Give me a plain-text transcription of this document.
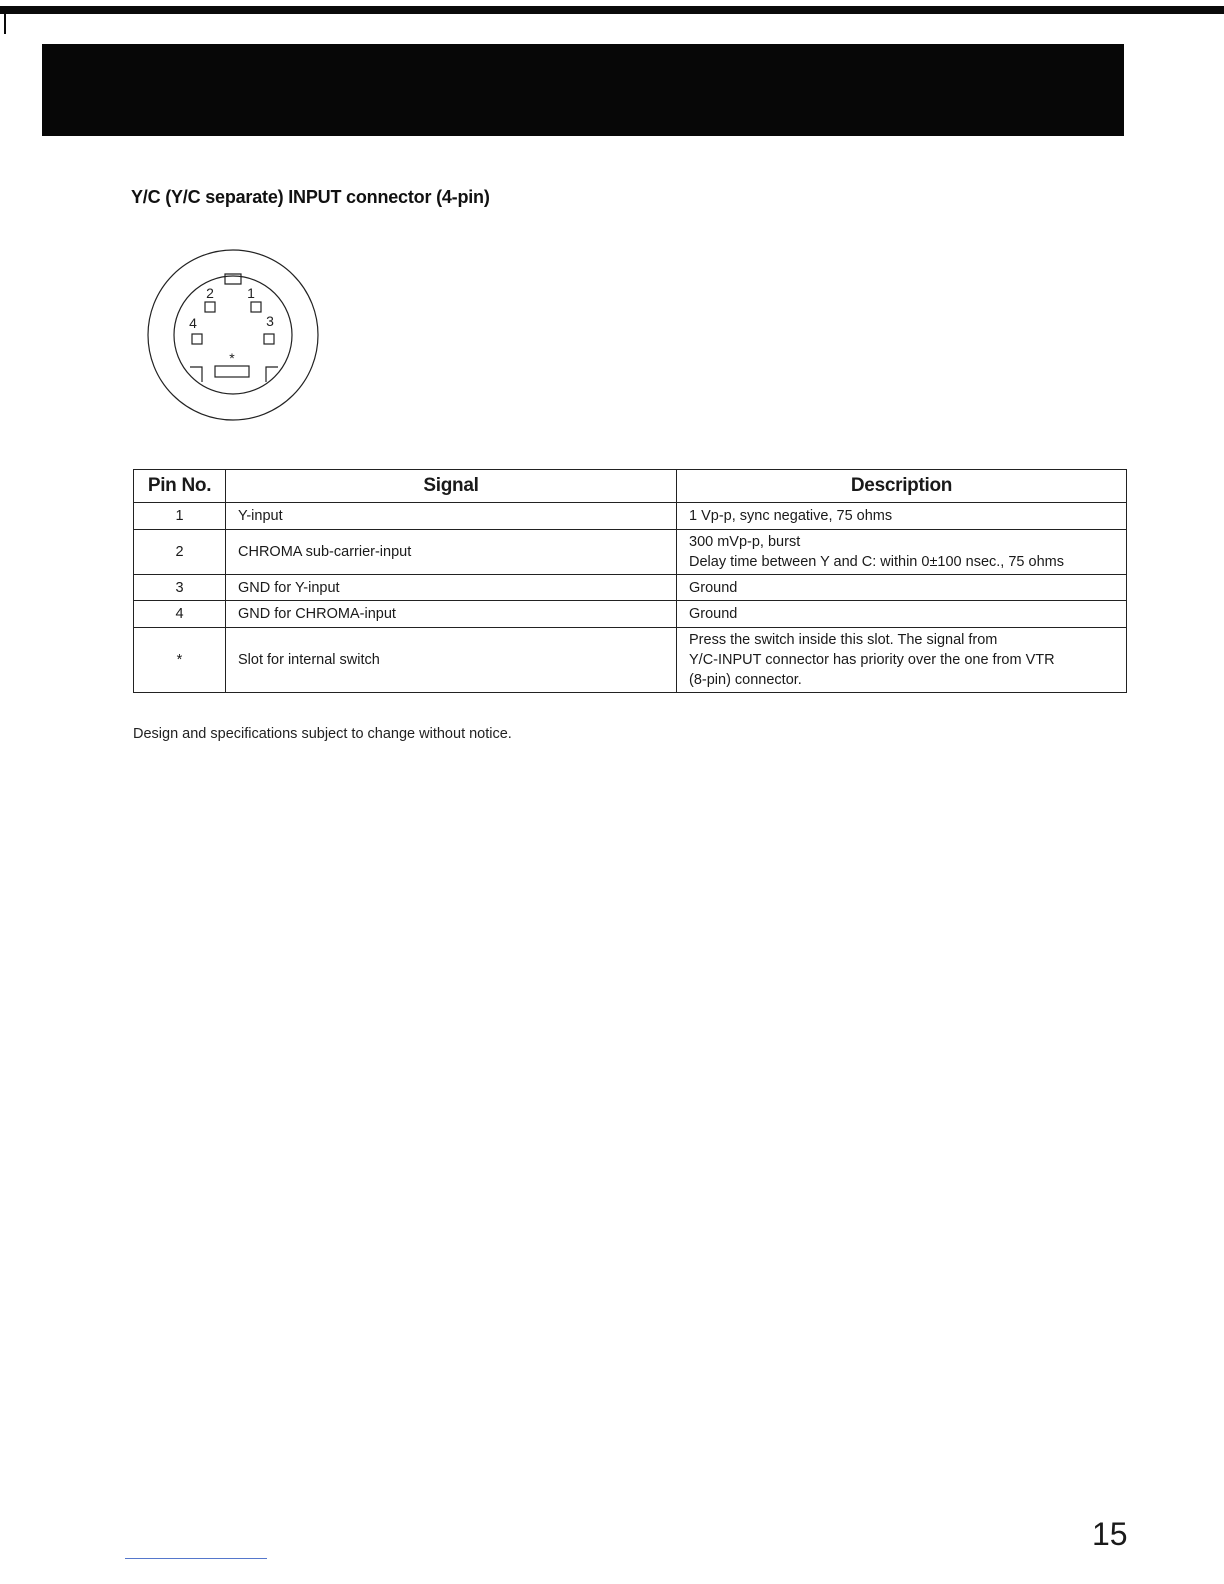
Y/C (Y/C separate) INPUT connector (4-pin)
2 1
4	3
*
Pin No.	Signal	Description
1	Y-input	1 Vp-p, sync negative, 75 ohms

2	CHROMA sub-carrier-input	300 mVp-p, burst
Delay time between Y and C: within 0±100 nsec., 75 ohms

3	GND for Y-input	Ground

4	GND for CHROMA-input	Ground

*	Slot for internal switch	Press the switch inside this slot. The signal from
Y/C-INPUT connector has priority over the one from VTR
(8-pin) connector.
Design and specifications subject to change without notice.
15
